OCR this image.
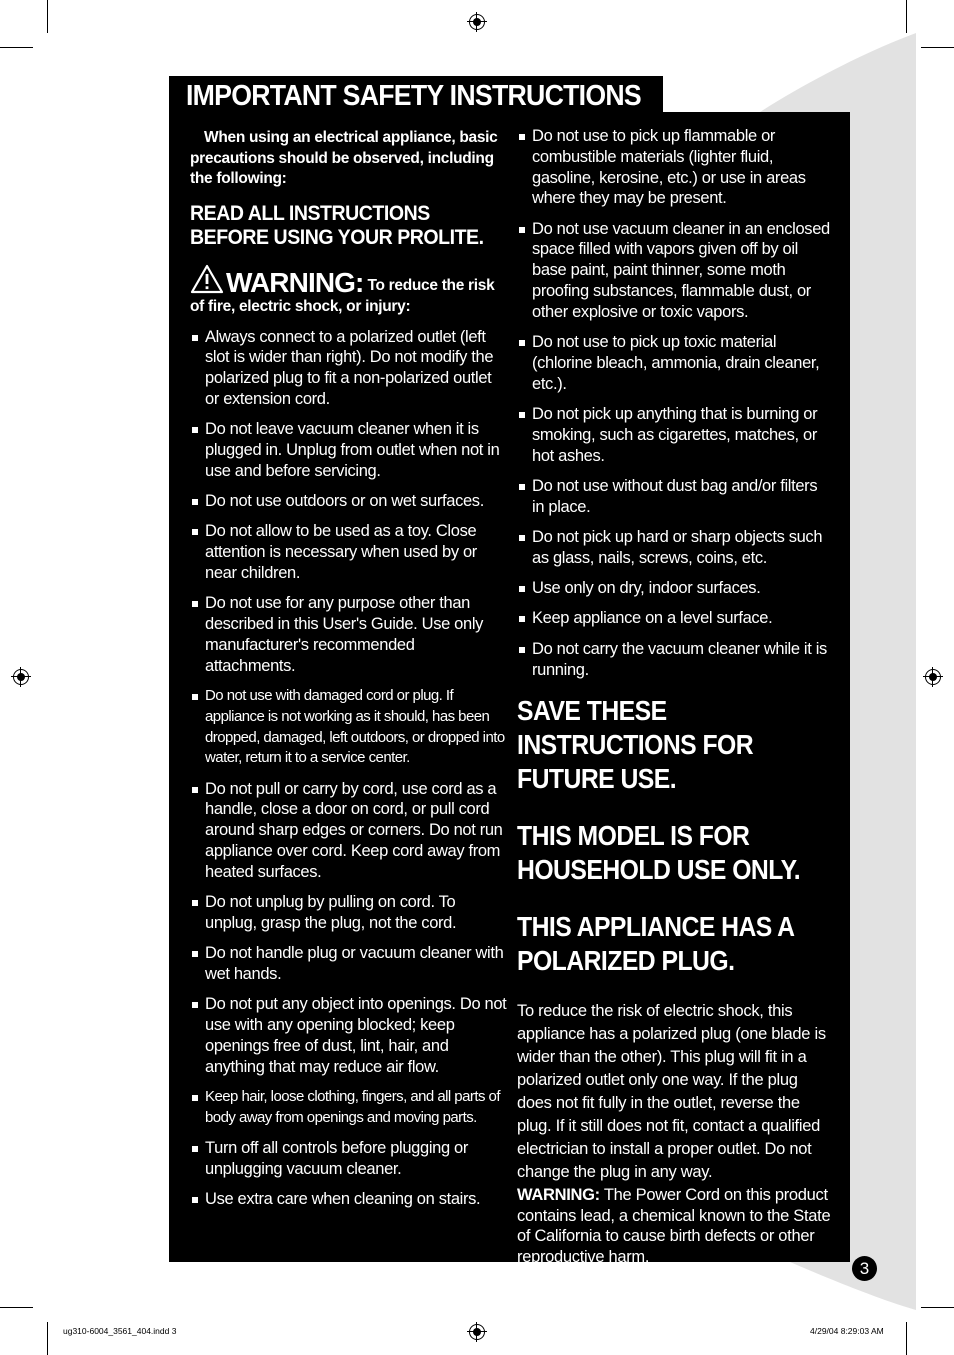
IMPORTANT SAFETY INSTRUCTIONS

When using an electrical appliance, basic precautions should be observed, including the following:

READ ALL INSTRUCTIONS BEFORE USING YOUR PROLITE.

WARNING: To reduce the risk of fire, electric shock, or injury:

Always connect to a polarized outlet (left slot is wider than right). Do not modify the polarized plug to fit a non-polarized outlet or extension cord.
Do not leave vacuum cleaner when it is plugged in. Unplug from outlet when not in use and before servicing.
Do not use outdoors or on wet surfaces.
Do not allow to be used as a toy. Close attention is necessary when used by or near children.
Do not use for any purpose other than described in this User's Guide. Use only manufacturer's recommended attachments.
Do not use with damaged cord or plug. If appliance is not working as it should, has been dropped, damaged, left outdoors, or dropped into water, return it to a service center.
Do not pull or carry by cord, use cord as a handle, close a door on cord, or pull cord around sharp edges or corners. Do not run appliance over cord. Keep cord away from heated surfaces.
Do not unplug by pulling on cord. To unplug, grasp the plug, not the cord.
Do not handle plug or vacuum cleaner with wet hands.
Do not put any object into openings. Do not use with any opening blocked; keep openings free of dust, lint, hair, and anything that may reduce air flow.
Keep hair, loose clothing, fingers, and all parts of body away from openings and moving parts.
Turn off all controls before plugging or unplugging vacuum cleaner.
Use extra care when cleaning on stairs.
Do not use to pick up flammable or combustible materials (lighter fluid, gasoline, kerosine, etc.) or use in areas where they may be present.
Do not use vacuum cleaner in an enclosed space filled with vapors given off by oil base paint, paint thinner, some moth proofing substances, flammable dust, or other explosive or toxic vapors.
Do not use to pick up toxic material (chlorine bleach, ammonia, drain cleaner, etc.).
Do not pick up anything that is burning or smoking, such as cigarettes, matches, or hot ashes.
Do not use without dust bag and/or filters in place.
Do not pick up hard or sharp objects such as glass, nails, screws, coins, etc.
Use only on dry, indoor surfaces.
Keep appliance on a level surface.
Do not carry the vacuum cleaner while it is running.

SAVE THESE INSTRUCTIONS FOR FUTURE USE.

THIS MODEL IS FOR HOUSEHOLD USE ONLY.

THIS APPLIANCE HAS A POLARIZED PLUG.

To reduce the risk of electric shock, this appliance has a polarized plug (one blade is wider than the other). This plug will fit in a polarized outlet only one way. If the plug does not fit fully in the outlet, reverse the plug. If it still does not fit, contact a qualified electrician to install a proper outlet. Do not change the plug in any way.

WARNING: The Power Cord on this product contains lead, a chemical known to the State of California to cause birth defects or other reproductive harm.

WASH HANDS AFTER HANDLING

3
ug310-6004_3561_404.indd 3	4/29/04 8:29:03 AM
